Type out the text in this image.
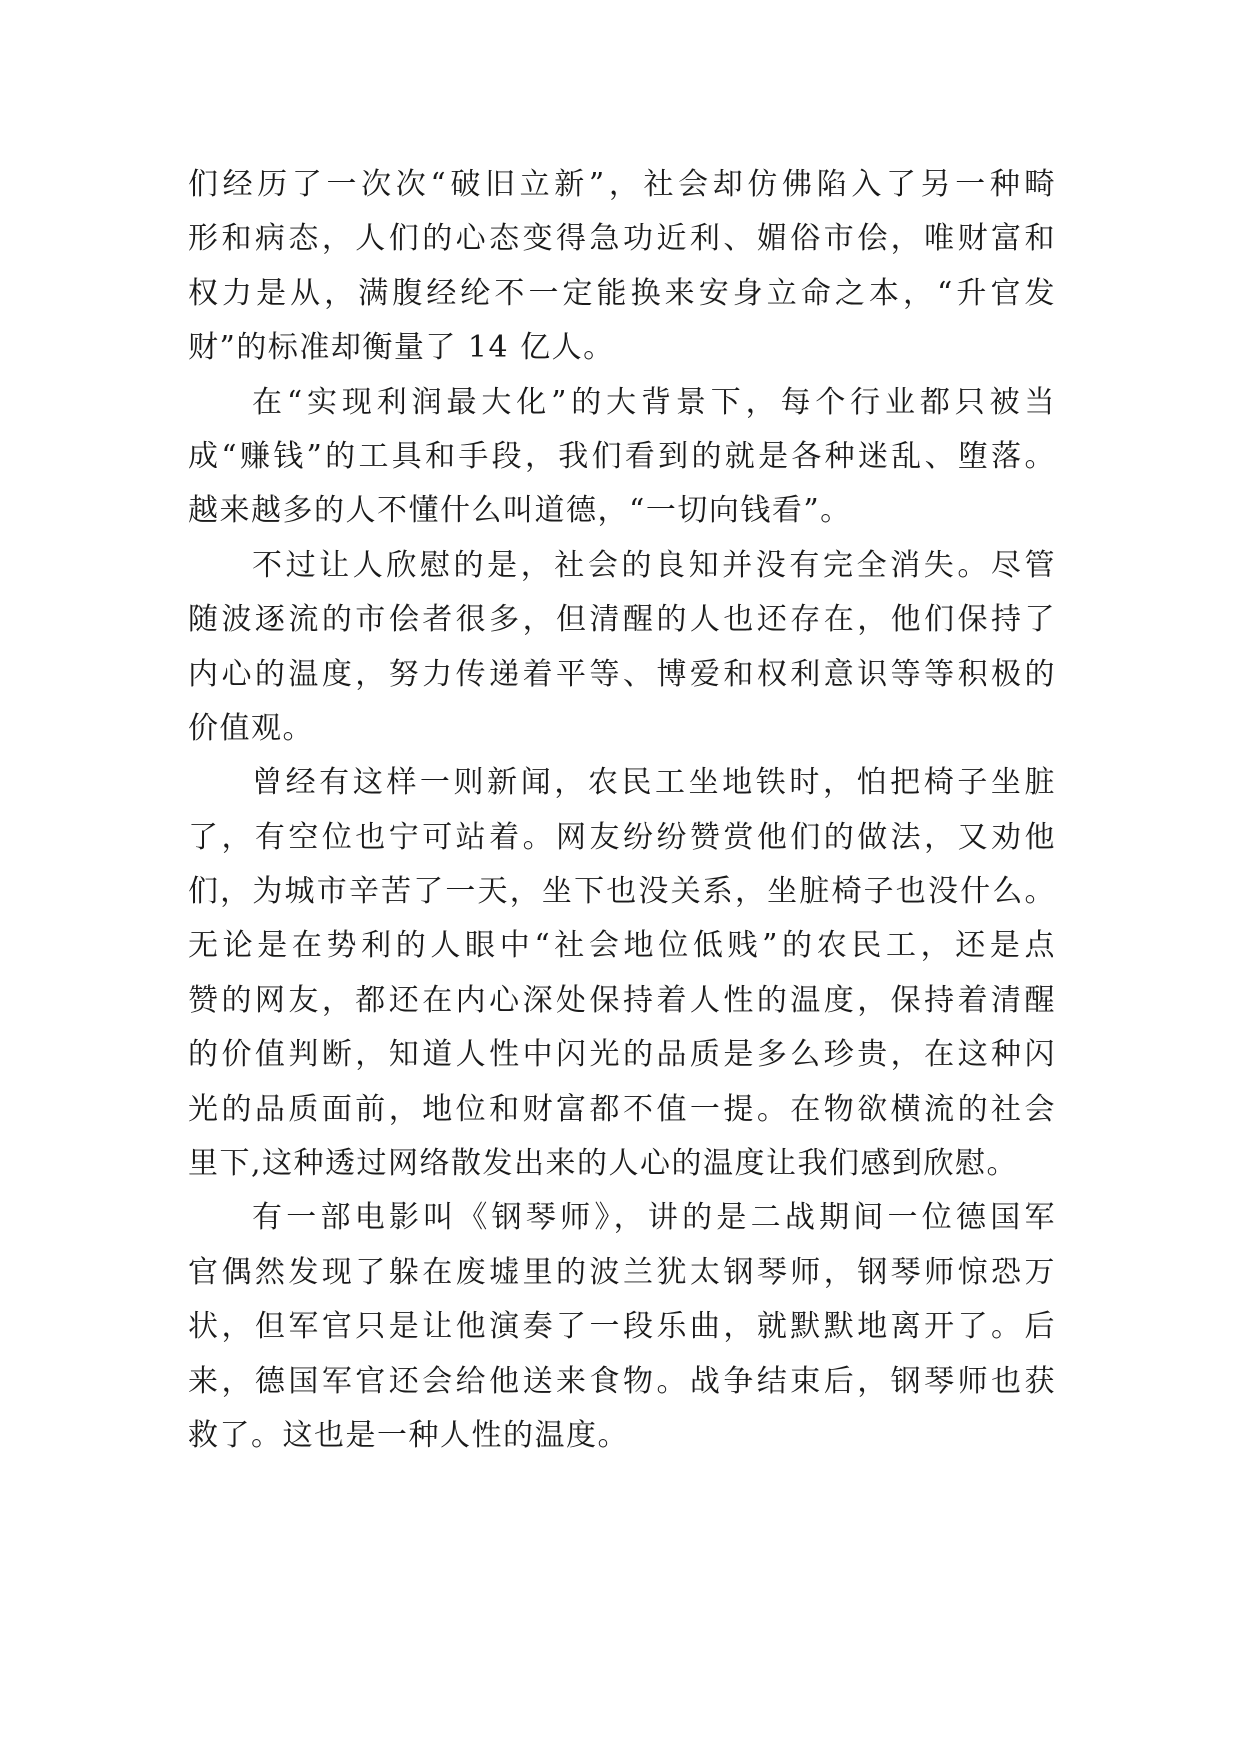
们经历了一次次“破旧立新”，社会却仿佛陷入了另一种畸
形和病态，人们的心态变得急功近利、媚俗市侩，唯财富和
权力是从，满腹经纶不一定能换来安身立命之本，“升官发
财”的标准却衡量了 14 亿人。
在“实现利润最大化”的大背景下，每个行业都只被当
成“赚钱”的工具和手段，我们看到的就是各种迷乱、堕落。
越来越多的人不懂什么叫道德，“一切向钱看”。
不过让人欣慰的是，社会的良知并没有完全消失。尽管
随波逐流的市侩者很多，但清醒的人也还存在，他们保持了
内心的温度，努力传递着平等、博爱和权利意识等等积极的
价值观。
曾经有这样一则新闻，农民工坐地铁时，怕把椅子坐脏
了，有空位也宁可站着。网友纷纷赞赏他们的做法，又劝他
们，为城市辛苦了一天，坐下也没关系，坐脏椅子也没什么。
无论是在势利的人眼中“社会地位低贱”的农民工，还是点
赞的网友，都还在内心深处保持着人性的温度，保持着清醒
的价值判断，知道人性中闪光的品质是多么珍贵，在这种闪
光的品质面前，地位和财富都不值一提。在物欲横流的社会
里下,这种透过网络散发出来的人心的温度让我们感到欣慰。
有一部电影叫《钢琴师》，讲的是二战期间一位德国军
官偶然发现了躲在废墟里的波兰犹太钢琴师，钢琴师惊恐万
状，但军官只是让他演奏了一段乐曲，就默默地离开了。后
来，德国军官还会给他送来食物。战争结束后，钢琴师也获
救了。这也是一种人性的温度。
